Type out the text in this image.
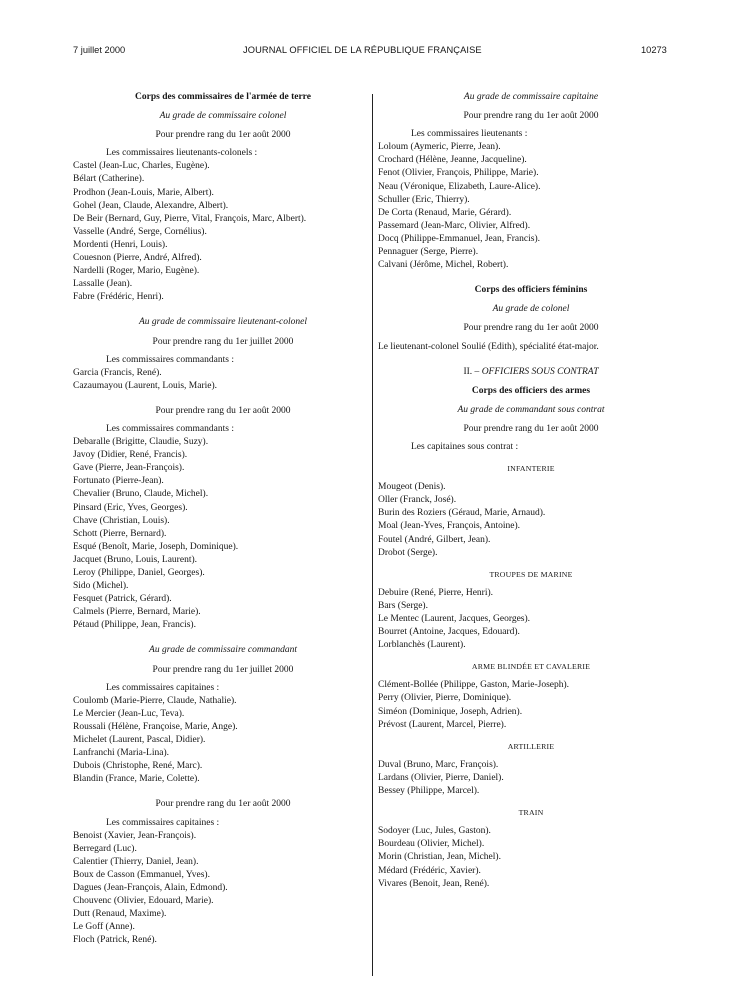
7 juillet 2000	JOURNAL OFFICIEL DE LA RÉPUBLIQUE FRANÇAISE	10273
Corps des commissaires de l'armée de terre
Au grade de commissaire colonel
Pour prendre rang du 1er août 2000
Les commissaires lieutenants-colonels :
Castel (Jean-Luc, Charles, Eugène).
Bélart (Catherine).
Prodhon (Jean-Louis, Marie, Albert).
Gohel (Jean, Claude, Alexandre, Albert).
De Beir (Bernard, Guy, Pierre, Vital, François, Marc, Albert).
Vasselle (André, Serge, Cornélius).
Mordenti (Henri, Louis).
Couesnon (Pierre, André, Alfred).
Nardelli (Roger, Mario, Eugène).
Lassalle (Jean).
Fabre (Frédéric, Henri).
Au grade de commissaire lieutenant-colonel
Pour prendre rang du 1er juillet 2000
Les commissaires commandants :
Garcia (Francis, René).
Cazaumayou (Laurent, Louis, Marie).
Pour prendre rang du 1er août 2000
Les commissaires commandants :
Debaralle (Brigitte, Claudie, Suzy).
Javoy (Didier, René, Francis).
Gave (Pierre, Jean-François).
Fortunato (Pierre-Jean).
Chevalier (Bruno, Claude, Michel).
Pinsard (Eric, Yves, Georges).
Chave (Christian, Louis).
Schott (Pierre, Bernard).
Esqué (Benoît, Marie, Joseph, Dominique).
Jacquet (Bruno, Louis, Laurent).
Leroy (Philippe, Daniel, Georges).
Sido (Michel).
Fesquet (Patrick, Gérard).
Calmels (Pierre, Bernard, Marie).
Pétaud (Philippe, Jean, Francis).
Au grade de commissaire commandant
Pour prendre rang du 1er juillet 2000
Les commissaires capitaines :
Coulomb (Marie-Pierre, Claude, Nathalie).
Le Mercier (Jean-Luc, Teva).
Roussali (Hélène, Françoise, Marie, Ange).
Michelet (Laurent, Pascal, Didier).
Lanfranchi (Maria-Lina).
Dubois (Christophe, René, Marc).
Blandin (France, Marie, Colette).
Pour prendre rang du 1er août 2000
Les commissaires capitaines :
Benoist (Xavier, Jean-François).
Berregard (Luc).
Calentier (Thierry, Daniel, Jean).
Boux de Casson (Emmanuel, Yves).
Dagues (Jean-François, Alain, Edmond).
Chouvenc (Olivier, Edouard, Marie).
Dutt (Renaud, Maxime).
Le Goff (Anne).
Floch (Patrick, René).
Au grade de commissaire capitaine
Pour prendre rang du 1er août 2000
Les commissaires lieutenants :
Loloum (Aymeric, Pierre, Jean).
Crochard (Hélène, Jeanne, Jacqueline).
Fenot (Olivier, François, Philippe, Marie).
Neau (Véronique, Elizabeth, Laure-Alice).
Schuller (Eric, Thierry).
De Corta (Renaud, Marie, Gérard).
Passemard (Jean-Marc, Olivier, Alfred).
Docq (Philippe-Emmanuel, Jean, Francis).
Pennaguer (Serge, Pierre).
Calvani (Jérôme, Michel, Robert).
Corps des officiers féminins
Au grade de colonel
Pour prendre rang du 1er août 2000
Le lieutenant-colonel Soulié (Edith), spécialité état-major.
II. – OFFICIERS SOUS CONTRAT
Corps des officiers des armes
Au grade de commandant sous contrat
Pour prendre rang du 1er août 2000
Les capitaines sous contrat :
INFANTERIE
Mougeot (Denis).
Oller (Franck, José).
Burin des Roziers (Géraud, Marie, Arnaud).
Moal (Jean-Yves, François, Antoine).
Foutel (André, Gilbert, Jean).
Drobot (Serge).
TROUPES DE MARINE
Debuire (René, Pierre, Henri).
Bars (Serge).
Le Mentec (Laurent, Jacques, Georges).
Bourret (Antoine, Jacques, Edouard).
Lorblanchès (Laurent).
ARME BLINDÉE ET CAVALERIE
Clément-Bollée (Philippe, Gaston, Marie-Joseph).
Perry (Olivier, Pierre, Dominique).
Siméon (Dominique, Joseph, Adrien).
Prévost (Laurent, Marcel, Pierre).
ARTILLERIE
Duval (Bruno, Marc, François).
Lardans (Olivier, Pierre, Daniel).
Bessey (Philippe, Marcel).
TRAIN
Sodoyer (Luc, Jules, Gaston).
Bourdeau (Olivier, Michel).
Morin (Christian, Jean, Michel).
Médard (Frédéric, Xavier).
Vivares (Benoit, Jean, René).
